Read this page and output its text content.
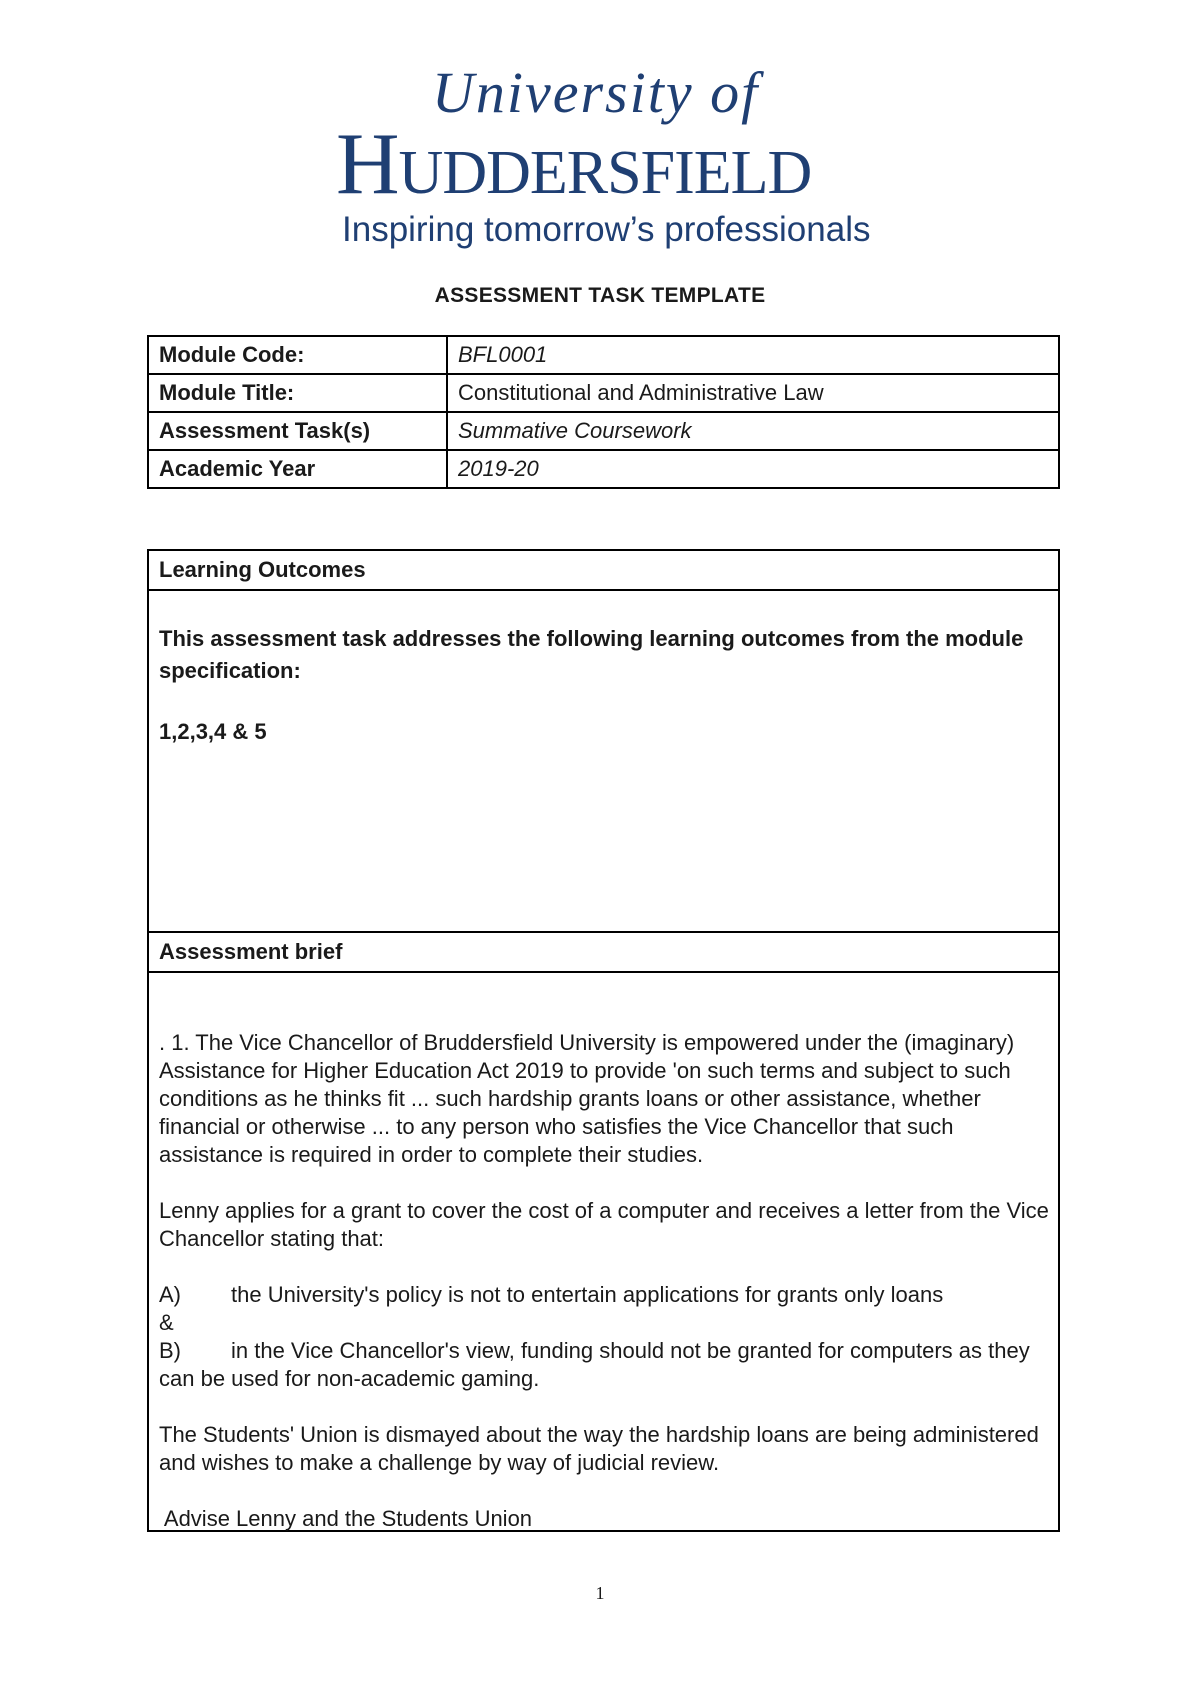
University of
Huddersfield
Inspiring tomorrow’s professionals
ASSESSMENT TASK TEMPLATE
Module Code:	BFL0001
Module Title:	Constitutional and Administrative Law
Assessment Task(s)	Summative Coursework
Academic Year	2019-20
Learning Outcomes
This assessment task addresses the following learning outcomes from the module specification:
1,2,3,4 & 5
Assessment brief

. 1. The Vice Chancellor of Bruddersfield University is empowered under the (imaginary) Assistance for Higher Education Act 2019 to provide 'on such terms and subject to such conditions as he thinks fit ... such hardship grants loans or other assistance, whether financial or otherwise ... to any person who satisfies the Vice Chancellor that such assistance is required in order to complete their studies.

Lenny applies for a grant to cover the cost of a computer and receives a letter from the Vice Chancellor stating that:

A) the University's policy is not to entertain applications for grants only loans
&
B) in the Vice Chancellor's view, funding should not be granted for computers as they can be used for non-academic gaming.

The Students' Union is dismayed about the way the hardship loans are being administered and wishes to make a challenge by way of judicial review.

Advise Lenny and the Students Union

1
